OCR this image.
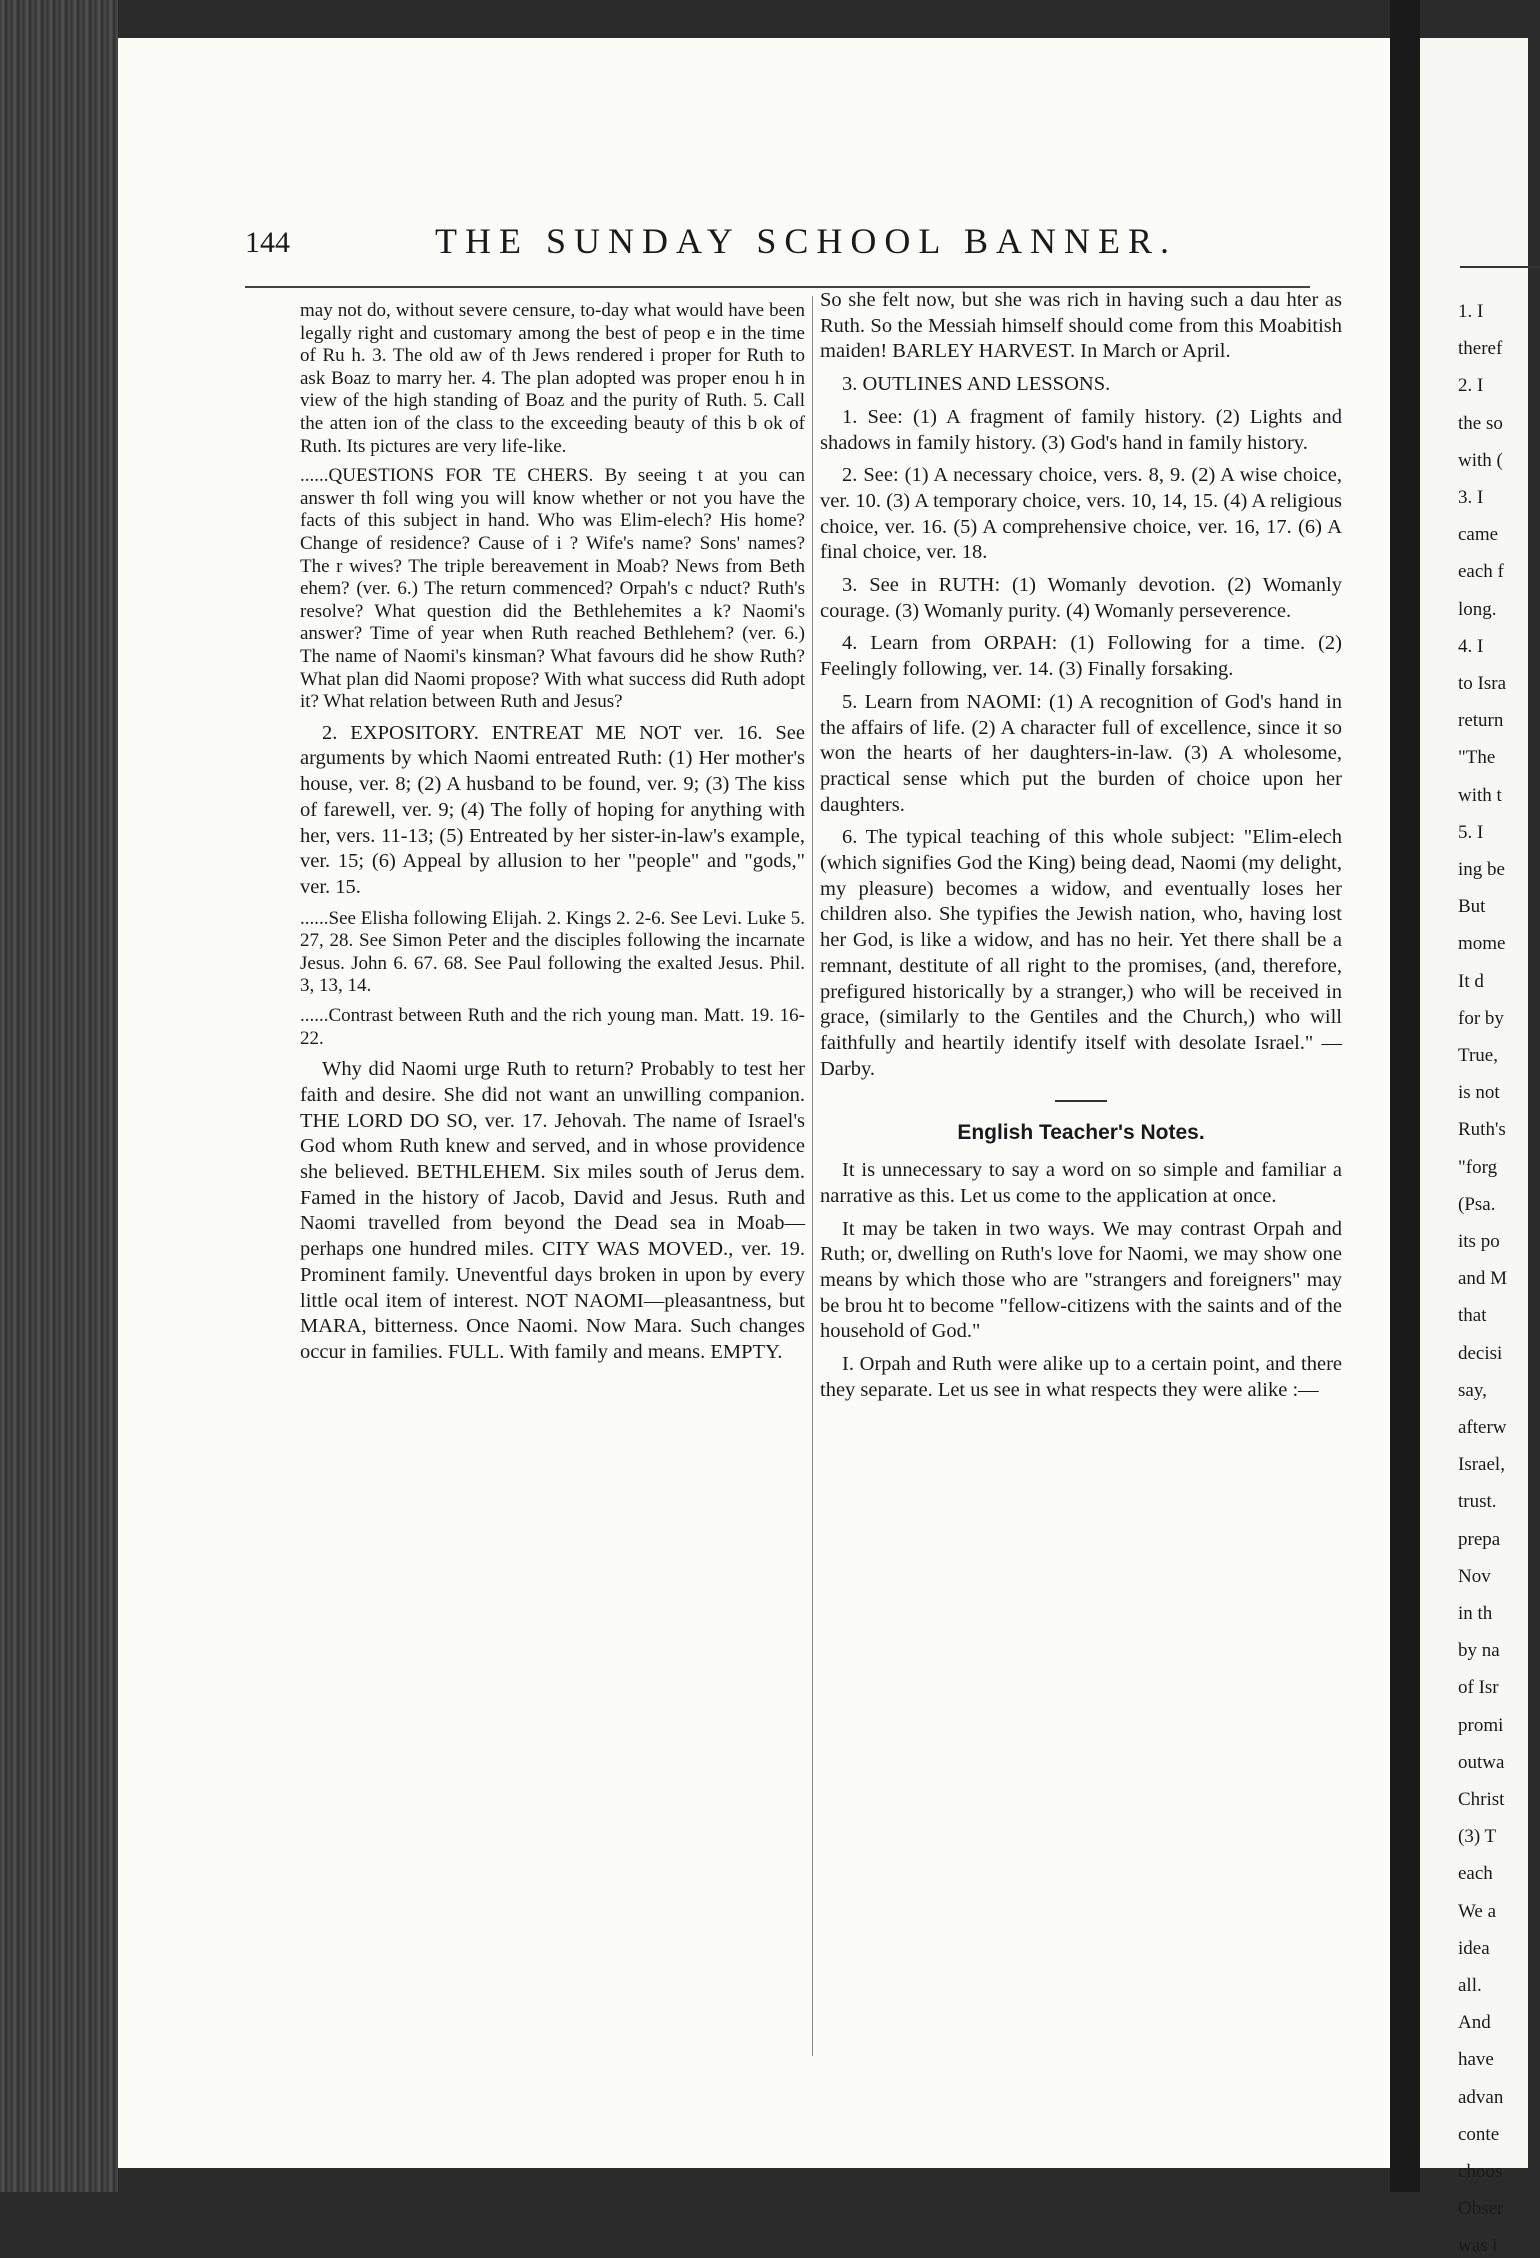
1. I

theref

2. I

the so

with (

3. I

came

each f

long.

4. I

to Isra

return

"The

with t

5. I

ing be

But

mome

It d

for by

True,

is not

Ruth's

"forg

(Psa.

its po

and M

that

decisi

say,

afterw

Israel,

trust.

prepa

Nov

in th

by na

of Isr

promi

outwa

Christ

(3) T

each

We a

idea

all.

And

have

advan

conte

choos

Obser

was i

144	THE SUNDAY SCHOOL BANNER.

may not do, without severe censure, to-day what would have been legally right and customary among the best of peop e in the time of Ru h. 3. The old aw of th Jews rendered i proper for Ruth to ask Boaz to marry her. 4. The plan adopted was proper enou h in view of the high standing of Boaz and the purity of Ruth. 5. Call the atten ion of the class to the exceeding beauty of this b ok of Ruth. Its pictures are very life-like.

......QUESTIONS FOR TE CHERS. By seeing t at you can answer th foll wing you will know whether or not you have the facts of this subject in hand. Who was Elim-elech? His home? Change of residence? Cause of i ? Wife's name? Sons' names? The r wives? The triple bereavement in Moab? News from Beth ehem? (ver. 6.) The return commenced? Orpah's c nduct? Ruth's resolve? What question did the Bethlehemites a k? Naomi's answer? Time of year when Ruth reached Bethlehem? (ver. 6.) The name of Naomi's kinsman? What favours did he show Ruth? What plan did Naomi propose? With what success did Ruth adopt it? What relation between Ruth and Jesus?

2. EXPOSITORY. ENTREAT ME NOT ver. 16. See arguments by which Naomi entreated Ruth: (1) Her mother's house, ver. 8; (2) A husband to be found, ver. 9; (3) The kiss of farewell, ver. 9; (4) The folly of hoping for anything with her, vers. 11-13; (5) Entreated by her sister-in-law's example, ver. 15; (6) Appeal by allusion to her "people" and "gods," ver. 15.

......See Elisha following Elijah. 2. Kings 2. 2-6. See Levi. Luke 5. 27, 28. See Simon Peter and the disciples following the incarnate Jesus. John 6. 67. 68. See Paul following the exalted Jesus. Phil. 3, 13, 14.

......Contrast between Ruth and the rich young man. Matt. 19. 16-22.

Why did Naomi urge Ruth to return? Probably to test her faith and desire. She did not want an unwilling companion. THE LORD DO SO, ver. 17. Jehovah. The name of Israel's God whom Ruth knew and served, and in whose providence she believed. BETHLEHEM. Six miles south of Jerus dem. Famed in the history of Jacob, David and Jesus. Ruth and Naomi travelled from beyond the Dead sea in Moab—perhaps one hundred miles. CITY WAS MOVED., ver. 19. Prominent family. Uneventful days broken in upon by every little ocal item of interest. NOT NAOMI—pleasantness, but MARA, bitterness. Once Naomi. Now Mara. Such changes occur in families. FULL. With family and means. EMPTY.

So she felt now, but she was rich in having such a dau hter as Ruth. So the Messiah himself should come from this Moabitish maiden! BARLEY HARVEST. In March or April.

3. OUTLINES AND LESSONS.

1. See: (1) A fragment of family history. (2) Lights and shadows in family history. (3) God's hand in family history.

2. See: (1) A necessary choice, vers. 8, 9. (2) A wise choice, ver. 10. (3) A temporary choice, vers. 10, 14, 15. (4) A religious choice, ver. 16. (5) A comprehensive choice, ver. 16, 17. (6) A final choice, ver. 18.

3. See in RUTH: (1) Womanly devotion. (2) Womanly courage. (3) Womanly purity. (4) Womanly perseverence.

4. Learn from ORPAH: (1) Following for a time. (2) Feelingly following, ver. 14. (3) Finally forsaking.

5. Learn from NAOMI: (1) A recognition of God's hand in the affairs of life. (2) A character full of excellence, since it so won the hearts of her daughters-in-law. (3) A wholesome, practical sense which put the burden of choice upon her daughters.

6. The typical teaching of this whole subject: "Elim-elech (which signifies God the King) being dead, Naomi (my delight, my pleasure) becomes a widow, and eventually loses her children also. She typifies the Jewish nation, who, having lost her God, is like a widow, and has no heir. Yet there shall be a remnant, destitute of all right to the promises, (and, therefore, prefigured historically by a stranger,) who will be received in grace, (similarly to the Gentiles and the Church,) who will faithfully and heartily identify itself with desolate Israel." —Darby.

English Teacher's Notes.

It is unnecessary to say a word on so simple and familiar a narrative as this. Let us come to the application at once.

It may be taken in two ways. We may contrast Orpah and Ruth; or, dwelling on Ruth's love for Naomi, we may show one means by which those who are "strangers and foreigners" may be brou ht to become "fellow-citizens with the saints and of the household of God."

I. Orpah and Ruth were alike up to a certain point, and there they separate. Let us see in what respects they were alike :—
